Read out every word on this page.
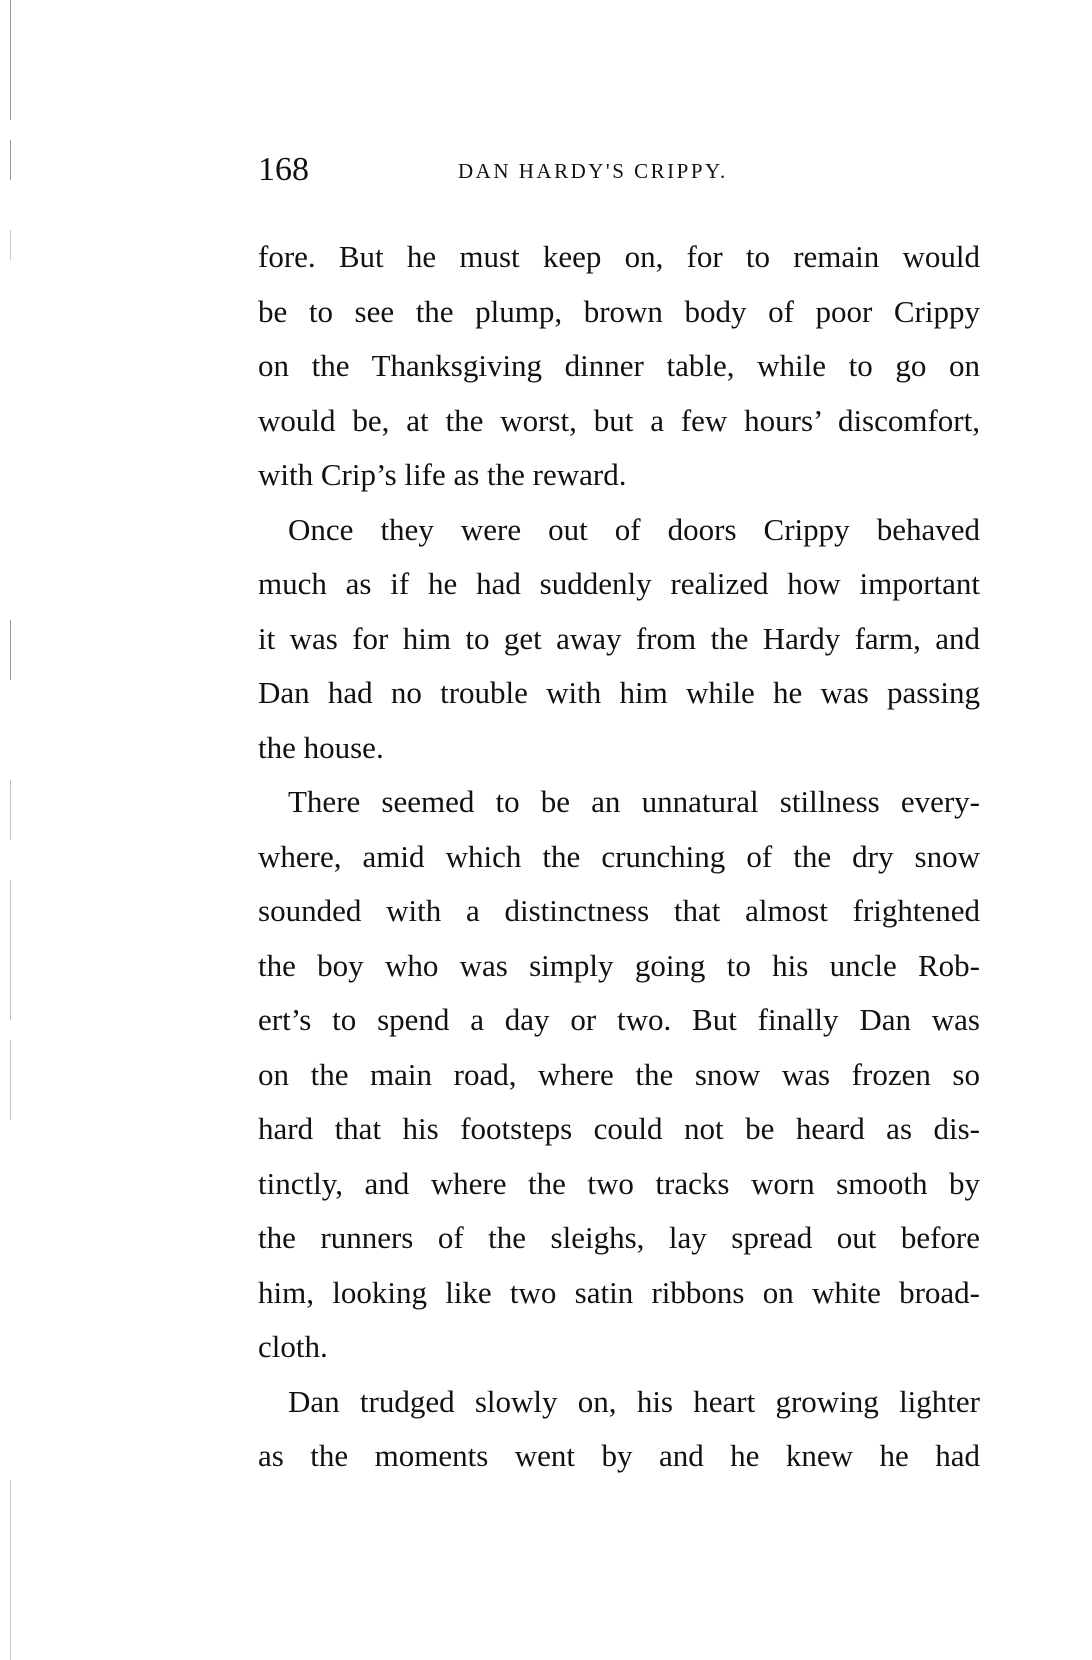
168	DAN HARDY'S CRIPPY.
fore. But he must keep on, for to remain would
be to see the plump, brown body of poor Crippy
on the Thanksgiving dinner table, while to go on
would be, at the worst, but a few hours’ discomfort,
with Crip’s life as the reward.
Once they were out of doors Crippy behaved
much as if he had suddenly realized how important
it was for him to get away from the Hardy farm, and
Dan had no trouble with him while he was passing
the house.
There seemed to be an unnatural stillness every-
where, amid which the crunching of the dry snow
sounded with a distinctness that almost frightened
the boy who was simply going to his uncle Rob-
ert’s to spend a day or two. But finally Dan was
on the main road, where the snow was frozen so
hard that his footsteps could not be heard as dis-
tinctly, and where the two tracks worn smooth by
the runners of the sleighs, lay spread out before
him, looking like two satin ribbons on white broad-
cloth.
Dan trudged slowly on, his heart growing lighter
as the moments went by and he knew he had
